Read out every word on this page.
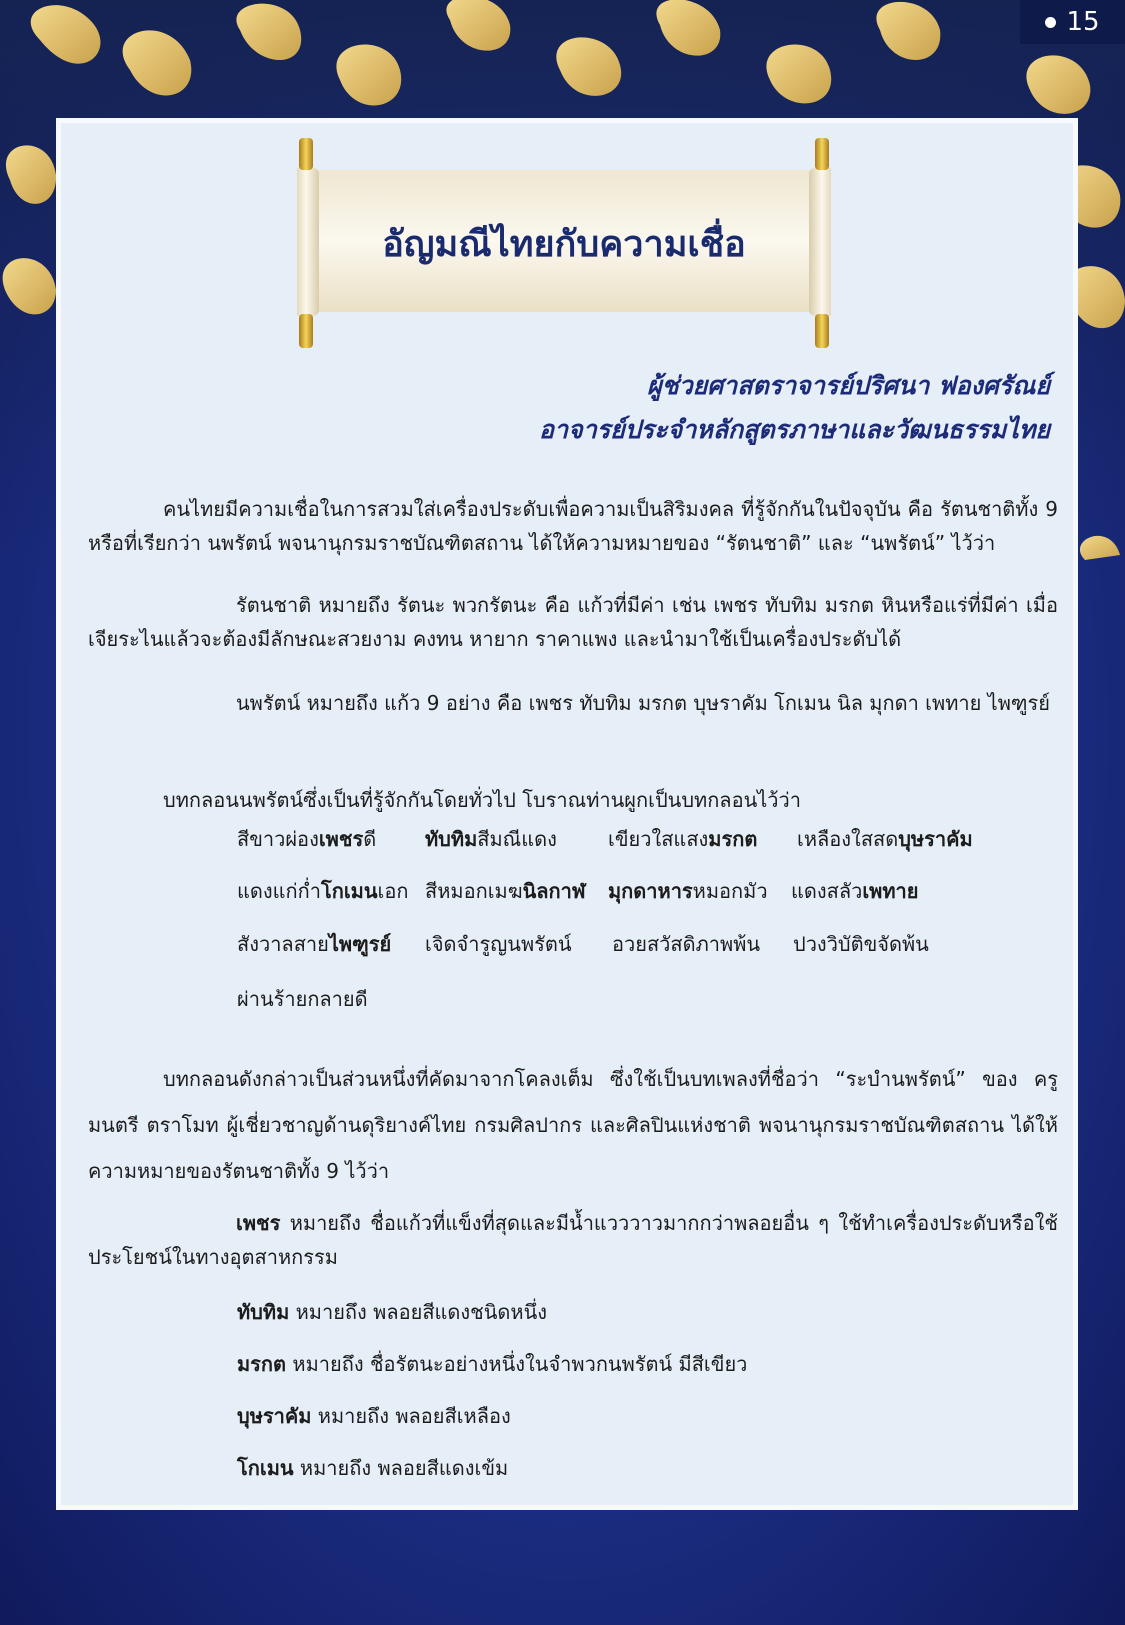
15
อัญมณีไทยกับความเชื่อ
ผู้ช่วยศาสตราจารย์ปริศนา ฟองศรัณย์
อาจารย์ประจำหลักสูตรภาษาและวัฒนธรรมไทย

คนไทยมีความเชื่อในการสวมใส่เครื่องประดับเพื่อความเป็นสิริมงคล ที่รู้จักกันในปัจจุบัน คือ รัตนชาติทั้ง 9 หรือที่เรียกว่า นพรัตน์ พจนานุกรมราชบัณฑิตสถาน ได้ให้ความหมายของ “รัตนชาติ” และ “นพรัตน์” ไว้ว่า

รัตนชาติ หมายถึง รัตนะ พวกรัตนะ คือ แก้วที่มีค่า เช่น เพชร ทับทิม มรกต หินหรือแร่ที่มีค่า เมื่อเจียระไนแล้วจะต้องมีลักษณะสวยงาม คงทน หายาก ราคาแพง และนำมาใช้เป็นเครื่องประดับได้

นพรัตน์ หมายถึง แก้ว 9 อย่าง คือ เพชร ทับทิม มรกต บุษราคัม โกเมน นิล มุกดา เพทาย ไพฑูรย์

บทกลอนนพรัตน์ซึ่งเป็นที่รู้จักกันโดยทั่วไป โบราณท่านผูกเป็นบทกลอนไว้ว่า

สีขาวผ่องเพชรดี ทับทิมสีมณีแดง	เขียวใสแสงมรกต เหลืองใสสดบุษราคัม
แดงแก่ก่ำโกเมนเอก สีหมอกเมฆนิลกาฬ มุกดาหารหมอกมัว แดงสลัวเพทาย
สังวาลสายไพฑูรย์ เจิดจำรูญนพรัตน์ อวยสวัสดิภาพพ้น ปวงวิบัติขจัดพ้น
ผ่านร้ายกลายดี

บทกลอนดังกล่าวเป็นส่วนหนึ่งที่คัดมาจากโคลงเต็ม ซึ่งใช้เป็นบทเพลงที่ชื่อว่า “ระบำนพรัตน์” ของ ครูมนตรี ตราโมท ผู้เชี่ยวชาญด้านดุริยางค์ไทย กรมศิลปากร และศิลปินแห่งชาติ พจนานุกรมราชบัณฑิตสถาน ได้ให้ความหมายของรัตนชาติทั้ง 9 ไว้ว่า

เพชร หมายถึง ชื่อแก้วที่แข็งที่สุดและมีน้ำแวววาวมากกว่าพลอยอื่น ๆ ใช้ทำเครื่องประดับหรือใช้ประโยชน์ในทางอุตสาหกรรม

ทับทิม หมายถึง พลอยสีแดงชนิดหนึ่ง

มรกต หมายถึง ชื่อรัตนะอย่างหนึ่งในจำพวกนพรัตน์ มีสีเขียว

บุษราคัม หมายถึง พลอยสีเหลือง

โกเมน หมายถึง พลอยสีแดงเข้ม
